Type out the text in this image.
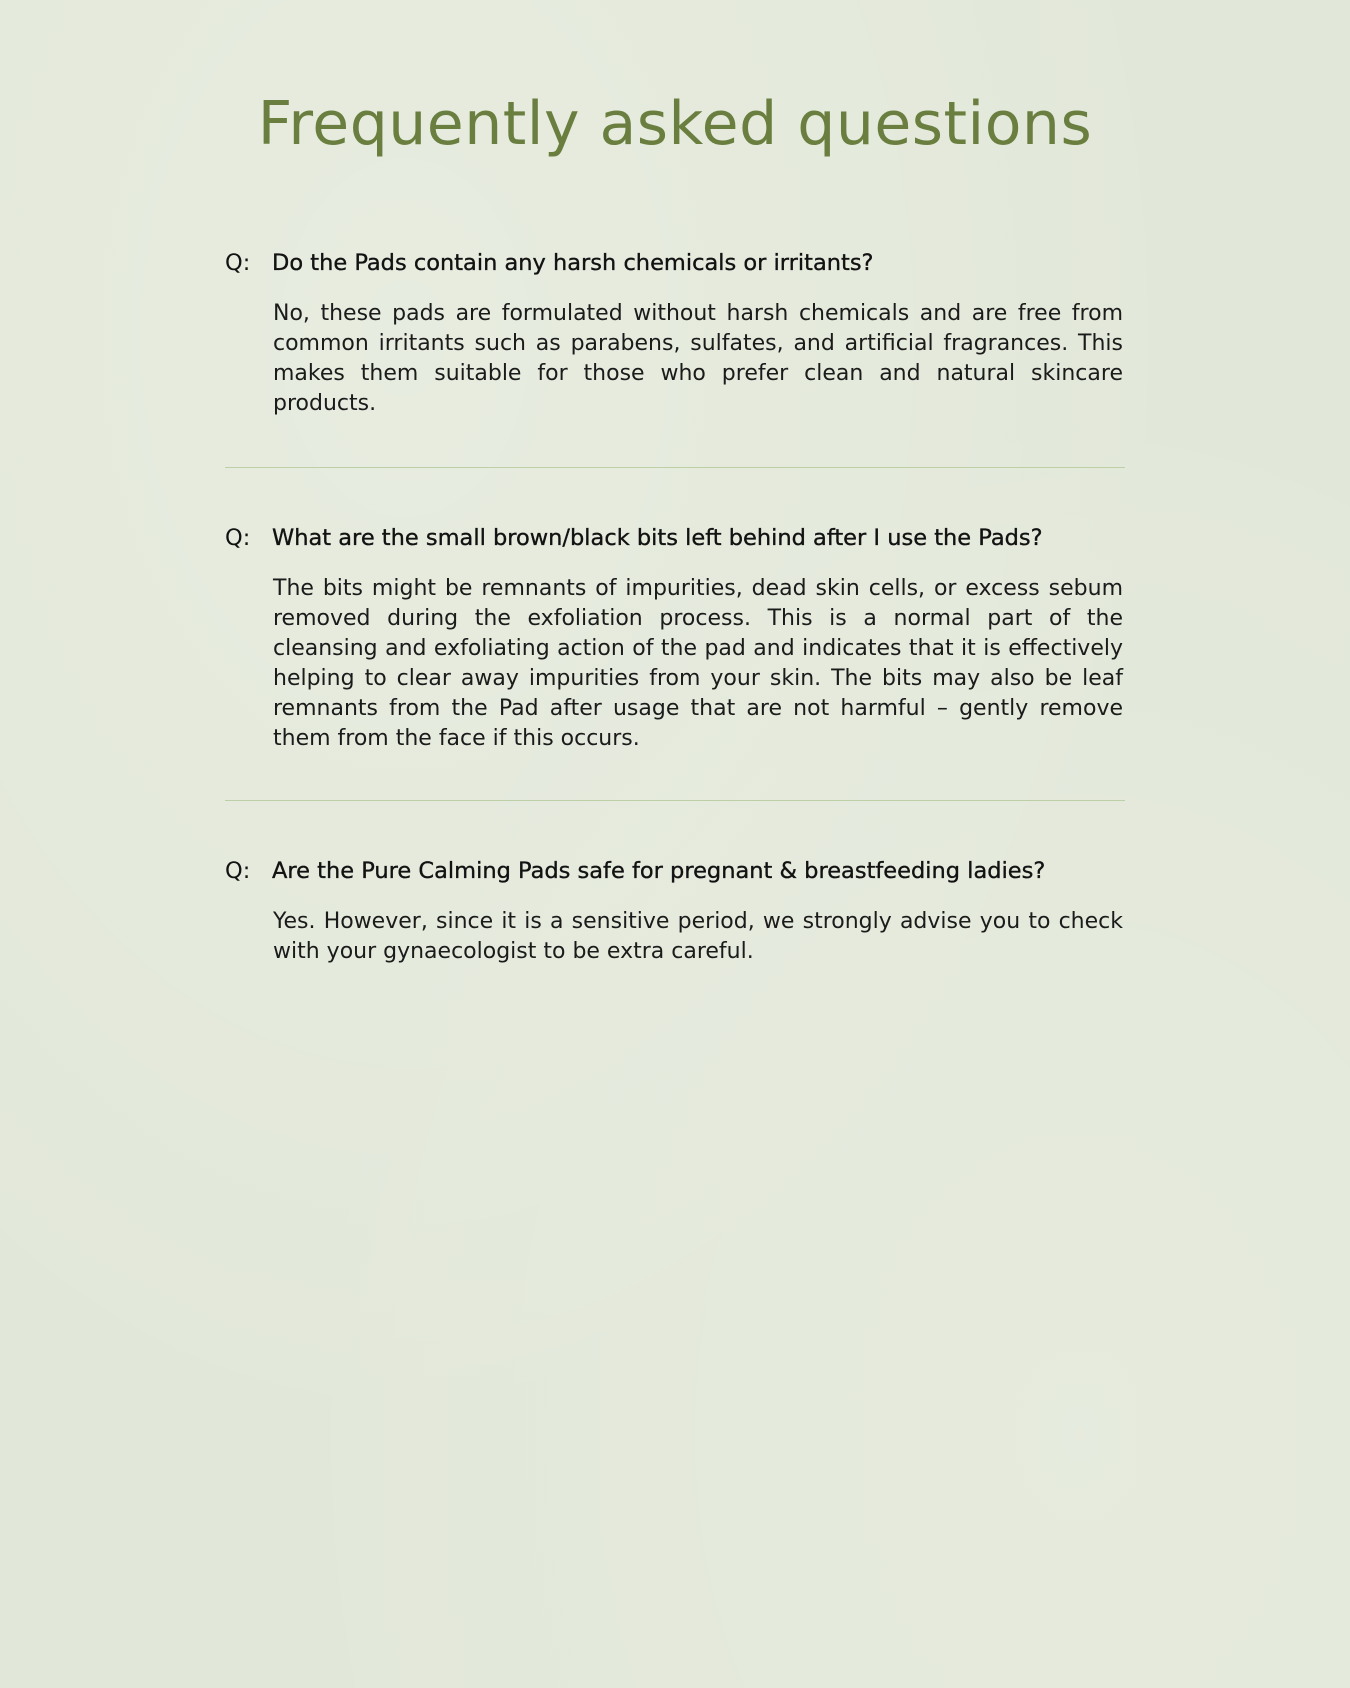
Frequently asked questions
Q: Do the Pads contain any harsh chemicals or irritants?
No, these pads are formulated without harsh chemicals and are free from common irritants such as parabens, sulfates, and artificial fragrances. This makes them suitable for those who prefer clean and natural skincare products.
Q: What are the small brown/black bits left behind after I use the Pads?
The bits might be remnants of impurities, dead skin cells, or excess sebum removed during the exfoliation process. This is a normal part of the cleansing and exfoliating action of the pad and indicates that it is effectively helping to clear away impurities from your skin. The bits may also be leaf remnants from the Pad after usage that are not harmful – gently remove them from the face if this occurs.
Q: Are the Pure Calming Pads safe for pregnant & breastfeeding ladies?
Yes. However, since it is a sensitive period, we strongly advise you to check with your gynaecologist to be extra careful.
